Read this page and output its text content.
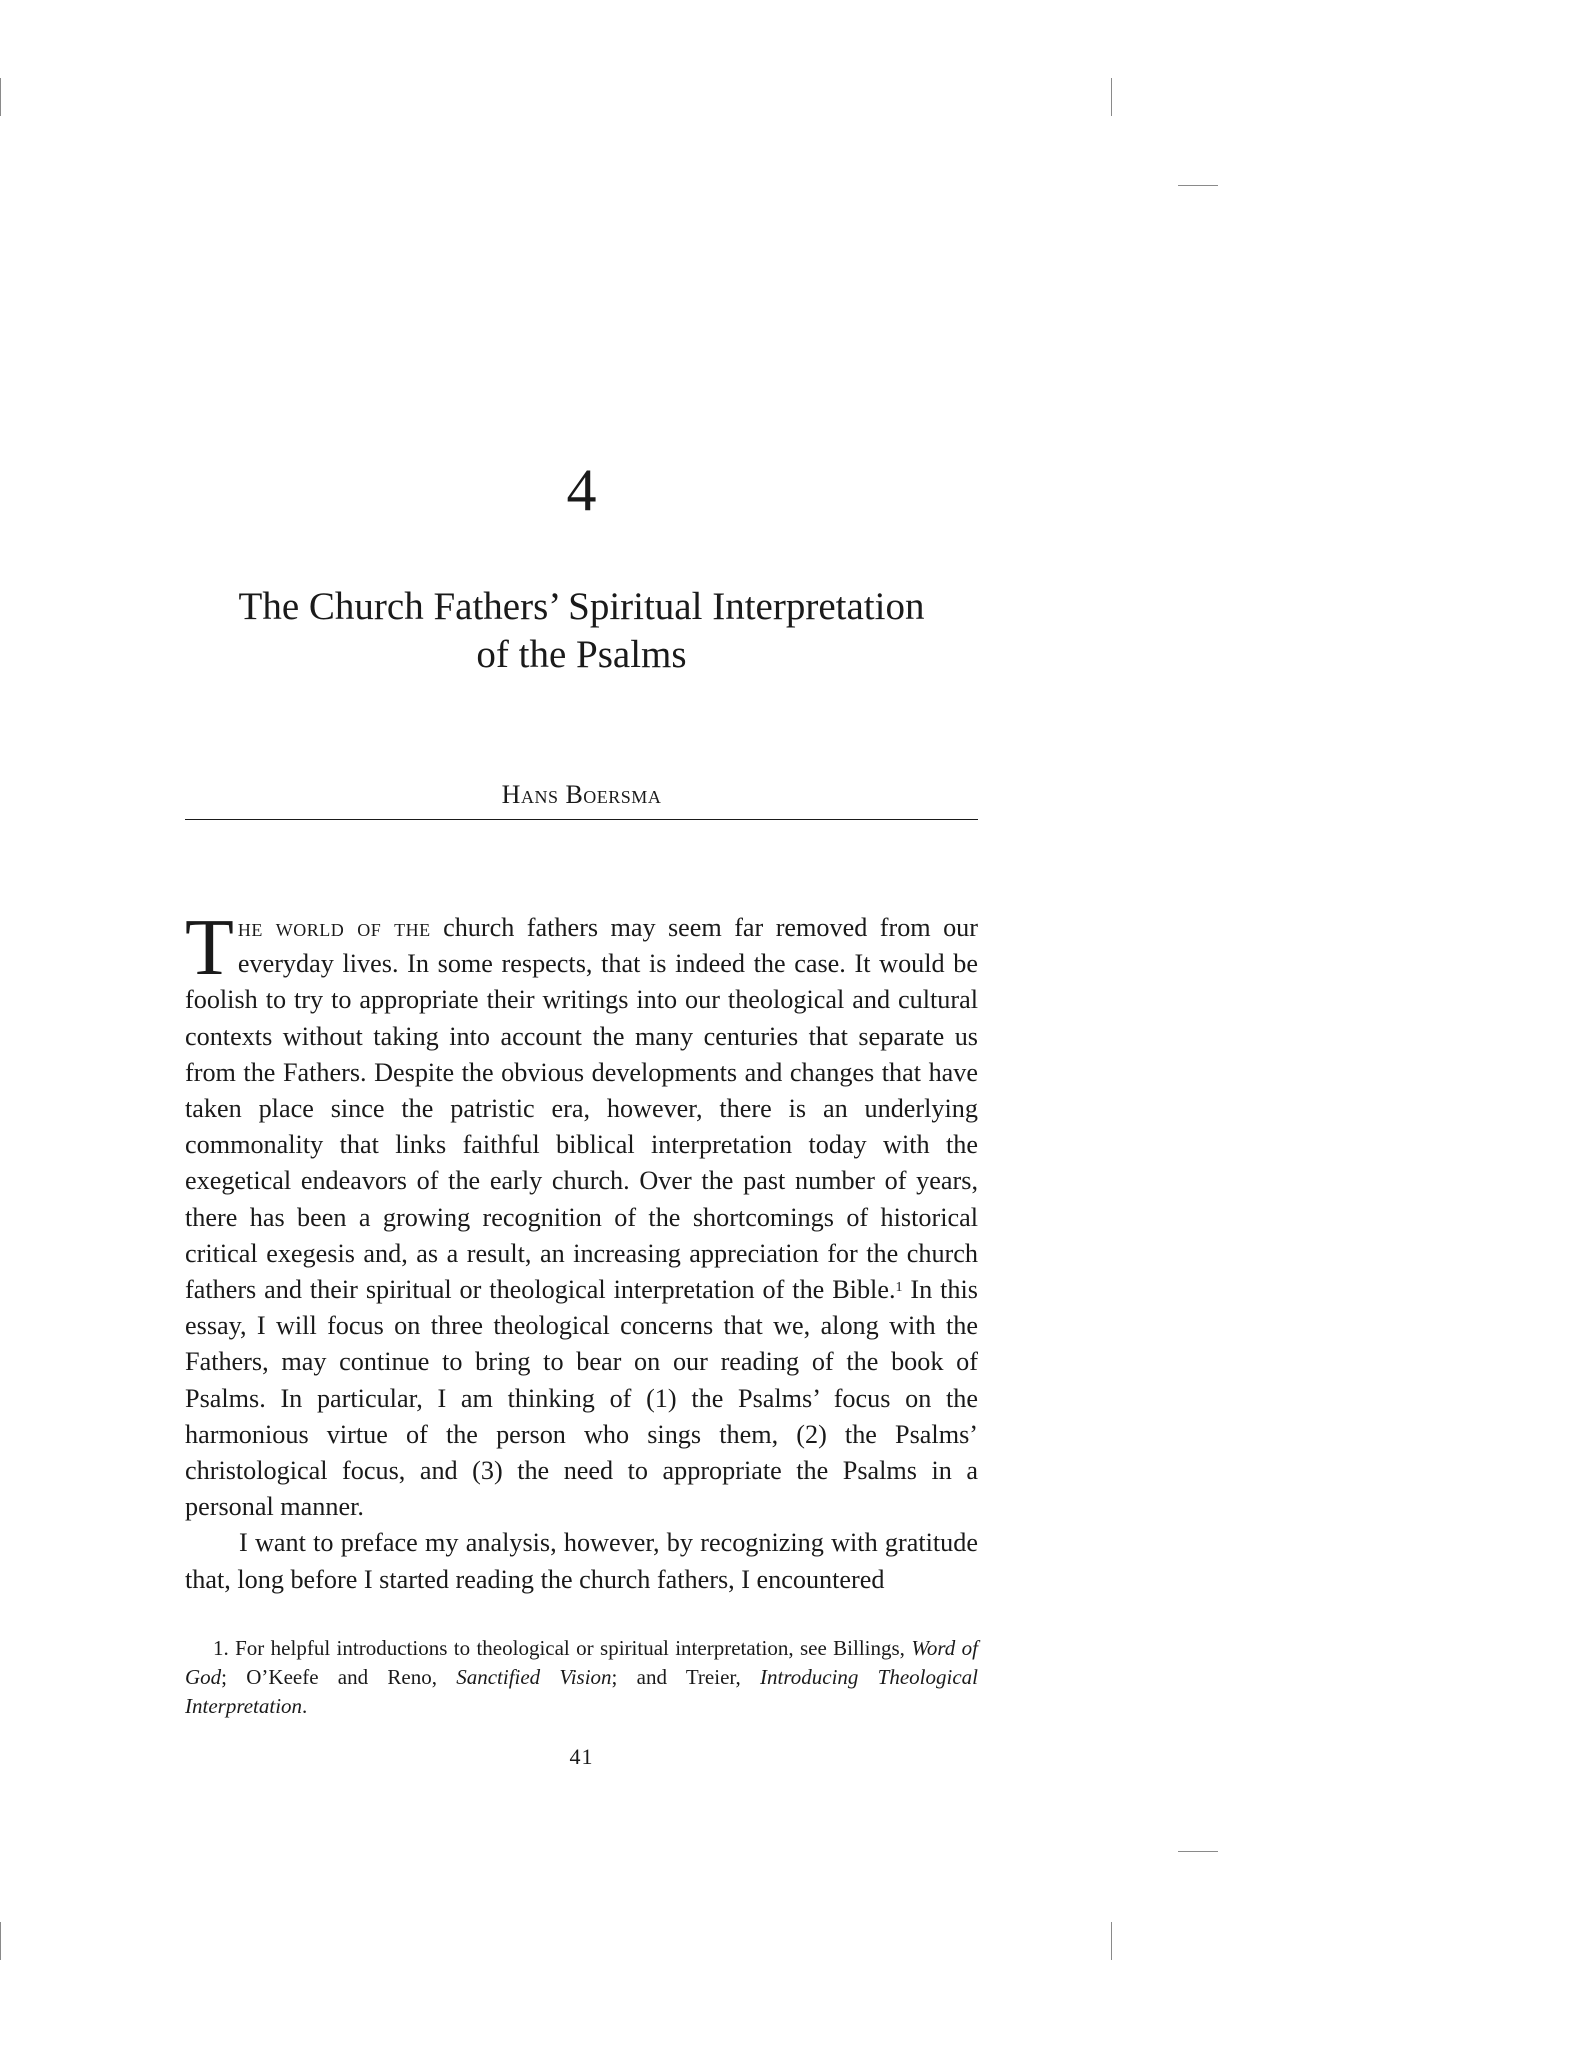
4
The Church Fathers’ Spiritual Interpretation
of the Psalms
Hans Boersma

The world of the church fathers may seem far removed from our everyday lives. In some respects, that is indeed the case. It would be foolish to try to appropriate their writings into our theological and cultural contexts without taking into account the many centuries that separate us from the Fathers. Despite the obvious developments and changes that have taken place since the patristic era, however, there is an underlying commonality that links faithful biblical interpretation today with the exegetical endeavors of the early church. Over the past number of years, there has been a growing recognition of the shortcomings of historical critical exegesis and, as a result, an increasing appreciation for the church fathers and their spiritual or theological interpretation of the Bible.$^1$ In this essay, I will focus on three theological concerns that we, along with the Fathers, may continue to bring to bear on our reading of the book of Psalms. In particular, I am thinking of (1) the Psalms’ focus on the harmonious virtue of the person who sings them, (2) the Psalms’ christological focus, and (3) the need to appropriate the Psalms in a personal manner.

I want to preface my analysis, however, by recognizing with gratitude that, long before I started reading the church fathers, I encountered

1. For helpful introductions to theological or spiritual interpretation, see Billings, Word of God; O’Keefe and Reno, Sanctified Vision; and Treier, Introducing Theological Interpretation.

41
